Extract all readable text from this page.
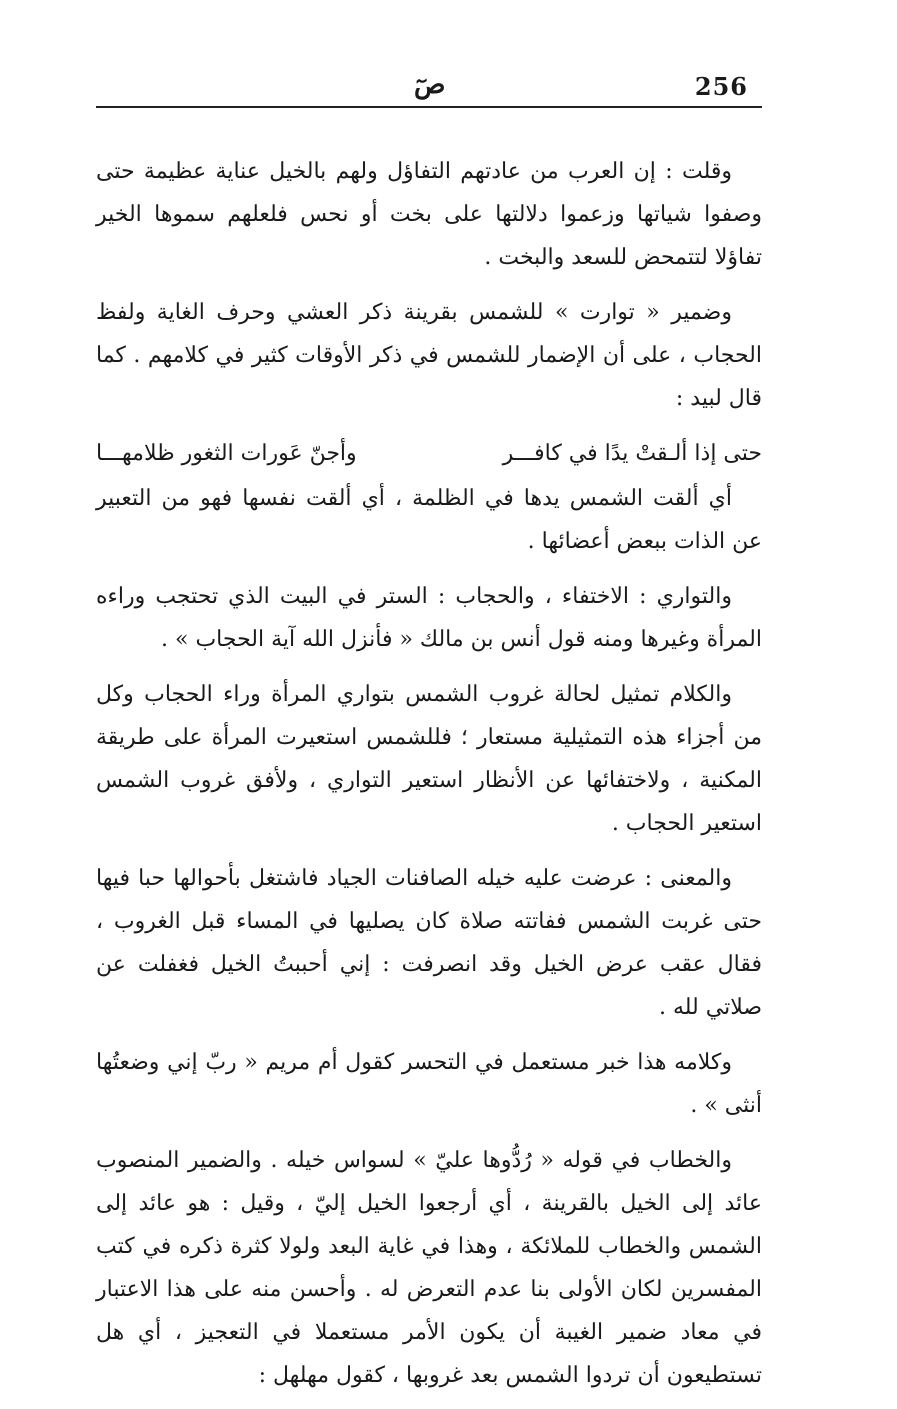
256
صٓ

وقلت : إن العرب من عادتهم التفاؤل ولهم بالخيل عناية عظيمة حتى وصفوا شياتها وزعموا دلالتها على بخت أو نحس فلعلهم سموها الخير تفاؤلا لتتمحض للسعد والبخت .

وضمير « توارت » للشمس بقرينة ذكر العشي وحرف الغاية ولفظ الحجاب ، على أن الإضمار للشمس في ذكر الأوقات كثير في كلامهم . كما قال لبيد :

حتى إذا ألـقتْ يدًا في كافـــر
وأجنّ عَورات الثغور ظلامهـــا

أي ألقت الشمس يدها في الظلمة ، أي ألقت نفسها فهو من التعبير عن الذات ببعض أعضائها .

والتواري : الاختفاء ، والحجاب : الستر في البيت الذي تحتجب وراءه المرأة وغيرها ومنه قول أنس بن مالك « فأنزل الله آية الحجاب » .

والكلام تمثيل لحالة غروب الشمس بتواري المرأة وراء الحجاب وكل من أجزاء هذه التمثيلية مستعار ؛ فللشمس استعيرت المرأة على طريقة المكنية ، ولاختفائها عن الأنظار استعير التواري ، ولأفق غروب الشمس استعير الحجاب .

والمعنى : عرضت عليه خيله الصافنات الجياد فاشتغل بأحوالها حبا فيها حتى غربت الشمس ففاتته صلاة كان يصليها في المساء قبل الغروب ، فقال عقب عرض الخيل وقد انصرفت : إني أحببتُ الخيل فغفلت عن صلاتي لله .

وكلامه هذا خبر مستعمل في التحسر كقول أم مريم « ربّ إني وضعتُها أنثى » .

والخطاب في قوله « رُدُّوها عليّ » لسواس خيله . والضمير المنصوب عائد إلى الخيل بالقرينة ، أي أرجعوا الخيل إليّ ، وقيل : هو عائد إلى الشمس والخطاب للملائكة ، وهذا في غاية البعد ولولا كثرة ذكره في كتب المفسرين لكان الأولى بنا عدم التعرض له . وأحسن منه على هذا الاعتبار في معاد ضمير الغيبة أن يكون الأمر مستعملا في التعجيز ، أي هل تستطيعون أن تردوا الشمس بعد غروبها ، كقول مهلهل :
